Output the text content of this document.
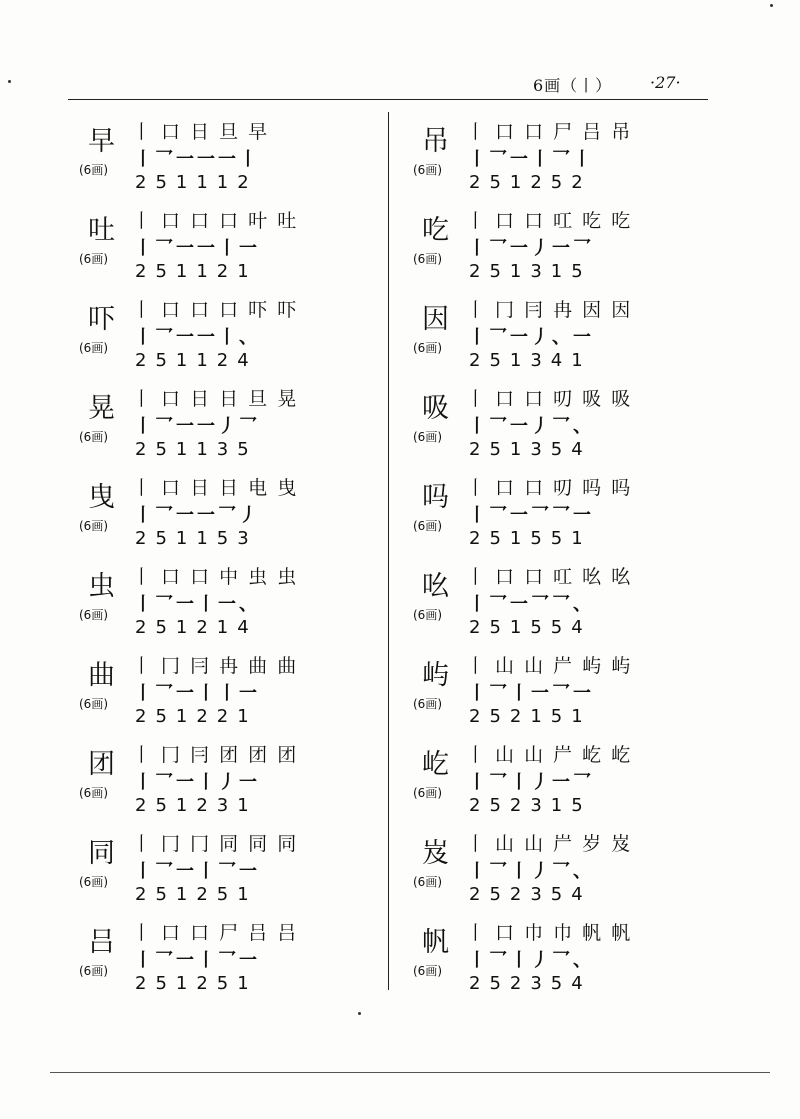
6画（丨） ·27·
早
(6画)
丨 口 日 旦 早
丨乛一一一丨
251112
吐
(6画)
丨 口 口 口 叶 吐
丨乛一一丨一
251121
吓
(6画)
丨 口 口 口 吓 吓
丨乛一一丨、
251124
晃
(6画)
丨 口 日 日 旦 晃
丨乛一一丿乛
251135
曳
(6画)
丨 口 日 日 电 曳
丨乛一一乛丿
251153
虫
(6画)
丨 口 口 中 虫 虫
丨乛一丨一、
251214
曲
(6画)
丨 冂 冃 冉 曲 曲
丨乛一丨丨一
251221
团
(6画)
丨 冂 冃 团 团 团
丨乛一丨丿一
251231
同
(6画)
丨 冂 冂 同 同 同
丨乛一丨乛一
251251
吕
(6画)
丨 口 口 尸 吕 吕
丨乛一丨乛一
251251
吊
(6画)
丨 口 口 尸 吕 吊
丨乛一丨乛丨
251252
吃
(6画)
丨 口 口 叿 吃 吃
丨乛一丿一乛
251315
因
(6画)
丨 冂 冃 冉 因 因
丨乛一丿、一
251341
吸
(6画)
丨 口 口 叨 吸 吸
丨乛一丿乛、
251354
吗
(6画)
丨 口 口 叨 吗 吗
丨乛一乛乛一
251551
吆
(6画)
丨 口 口 叿 吆 吆
丨乛一乛乛、
251554
屿
(6画)
丨 山 山 屵 屿 屿
丨乛丨一乛一
252151
屹
(6画)
丨 山 山 屵 屹 屹
丨乛丨丿一乛
252315
岌
(6画)
丨 山 山 屵 岁 岌
丨乛丨丿乛、
252354
帆
(6画)
丨 口 巾 巾 帆 帆
丨乛丨丿乛、
252354
